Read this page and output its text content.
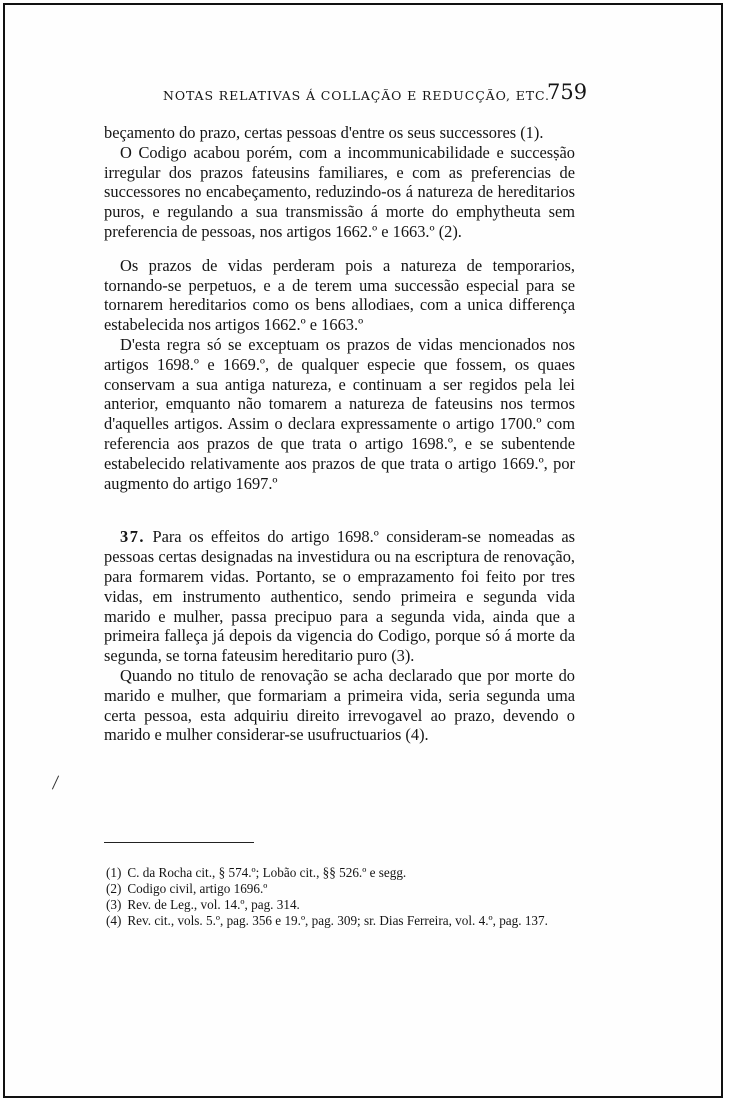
NOTAS RELATIVAS Á COLLAÇÃO E REDUCÇÃO, ETC.
759

beçamento do prazo, certas pessoas d'entre os seus successores (1).

O Codigo acabou porém, com a incommunicabilidade e succesṣão irregular dos prazos fateusins familiares, e com as preferencias de successores no encabeçamento, reduzindo-os á natureza de hereditarios puros, e regulando a sua transmissão á morte do emphytheuta sem preferencia de pessoas, nos artigos 1662.º e 1663.º (2).

Os prazos de vidas perderam pois a natureza de temporarios, tornando-se perpetuos, e a de terem uma successão especial para se tornarem hereditarios como os bens allodiaes, com a unica differença estabelecida nos artigos 1662.º e 1663.º

D'esta regra só se exceptuam os prazos de vidas mencionados nos artigos 1698.º e 1669.º, de qualquer especie que fossem, os quaes conservam a sua antiga natureza, e continuam a ser regidos pela lei anterior, emquanto não tomarem a natureza de fateusins nos termos d'aquelles artigos. Assim o declara expressamente o artigo 1700.º com referencia aos prazos de que trata o artigo 1698.º, e se subentende estabelecido relativamente aos prazos de que trata o artigo 1669.º, por augmento do artigo 1697.º

37. Para os effeitos do artigo 1698.º consideram-se nomeadas as pessoas certas designadas na investidura ou na escriptura de renovação, para formarem vidas. Portanto, se o emprazamento foi feito por tres vidas, em instrumento authentico, sendo primeira e segunda vida marido e mulher, passa precipuo para a segunda vida, ainda que a primeira falleça já depois da vigencia do Codigo, porque só á morte da segunda, se torna fateusim hereditario puro (3).

Quando no titulo de renovação se acha declarado que por morte do marido e mulher, que formariam a primeira vida, seria segunda uma certa pessoa, esta adquiriu direito irrevogavel ao prazo, devendo o marido e mulher considerar-se usufructuarios (4).

(1) C. da Rocha cit., § 574.º; Lobão cit., §§ 526.º e segg.

(2) Codigo civil, artigo 1696.º

(3) Rev. de Leg., vol. 14.º, pag. 314.

(4) Rev. cit., vols. 5.º, pag. 356 e 19.º, pag. 309; sr. Dias Ferreira, vol. 4.º, pag. 137.
